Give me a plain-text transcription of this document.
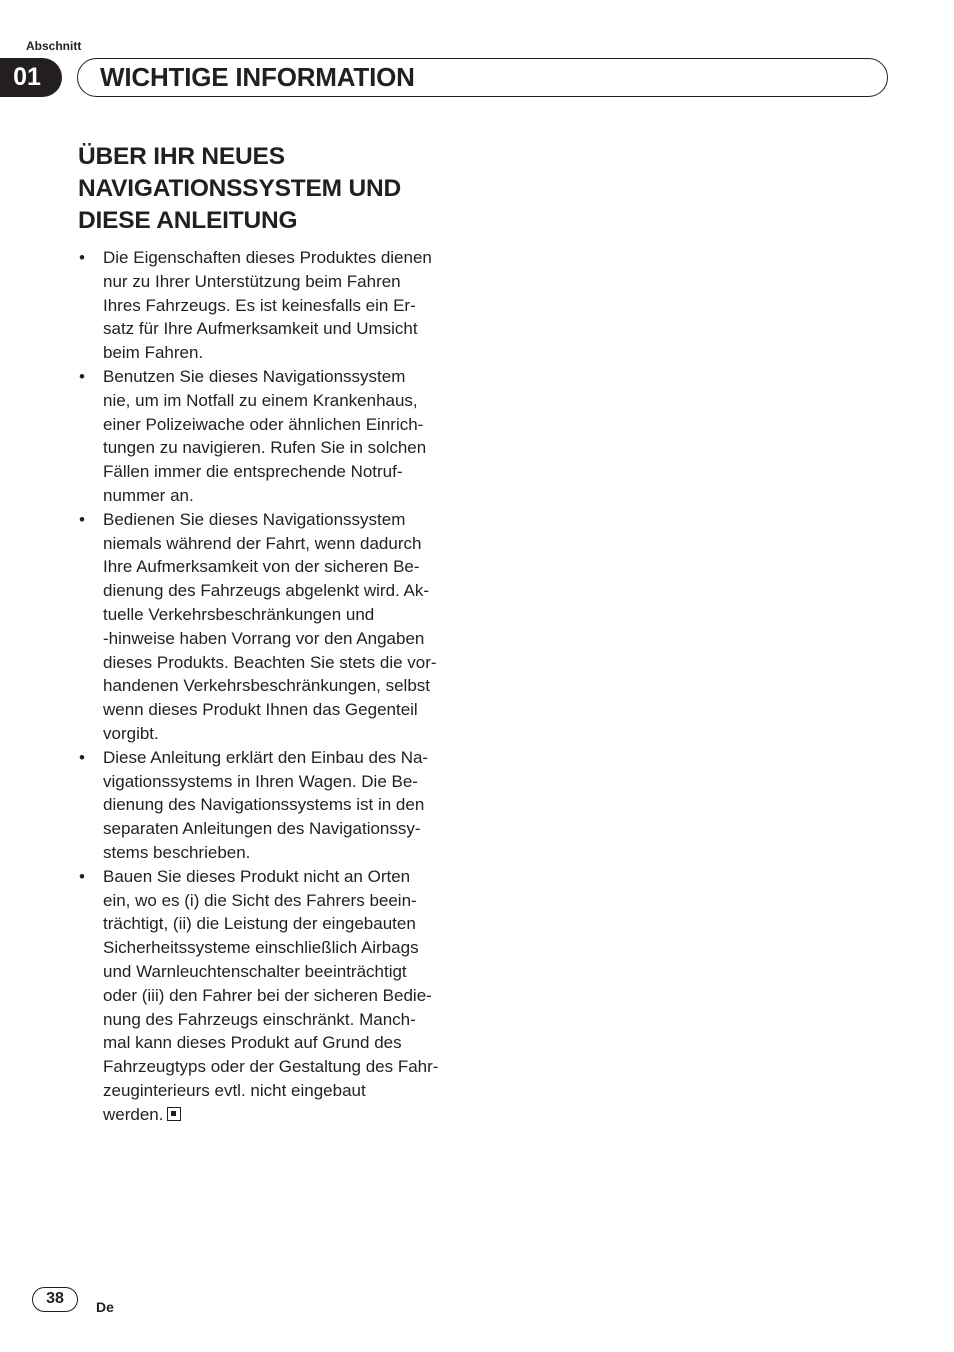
Abschnitt
01	WICHTIGE INFORMATION
ÜBER IHR NEUES
NAVIGATIONSSYSTEM UND
DIESE ANLEITUNG
• Die Eigenschaften dieses Produktes dienen
nur zu Ihrer Unterstützung beim Fahren
Ihres Fahrzeugs. Es ist keinesfalls ein Er-
satz für Ihre Aufmerksamkeit und Umsicht
beim Fahren.
• Benutzen Sie dieses Navigationssystem
nie, um im Notfall zu einem Krankenhaus,
einer Polizeiwache oder ähnlichen Einrich-
tungen zu navigieren. Rufen Sie in solchen
Fällen immer die entsprechende Notruf-
nummer an.
• Bedienen Sie dieses Navigationssystem
niemals während der Fahrt, wenn dadurch
Ihre Aufmerksamkeit von der sicheren Be-
dienung des Fahrzeugs abgelenkt wird. Ak-
tuelle Verkehrsbeschränkungen und
-hinweise haben Vorrang vor den Angaben
dieses Produkts. Beachten Sie stets die vor-
handenen Verkehrsbeschränkungen, selbst
wenn dieses Produkt Ihnen das Gegenteil
vorgibt.
• Diese Anleitung erklärt den Einbau des Na-
vigationssystems in Ihren Wagen. Die Be-
dienung des Navigationssystems ist in den
separaten Anleitungen des Navigationssy-
stems beschrieben.
• Bauen Sie dieses Produkt nicht an Orten
ein, wo es (i) die Sicht des Fahrers beein-
trächtigt, (ii) die Leistung der eingebauten
Sicherheitssysteme einschließlich Airbags
und Warnleuchtenschalter beeinträchtigt
oder (iii) den Fahrer bei der sicheren Bedie-
nung des Fahrzeugs einschränkt. Manch-
mal kann dieses Produkt auf Grund des
Fahrzeugtyps oder der Gestaltung des Fahr-
zeuginterieurs evtl. nicht eingebaut
werden.
38	De
